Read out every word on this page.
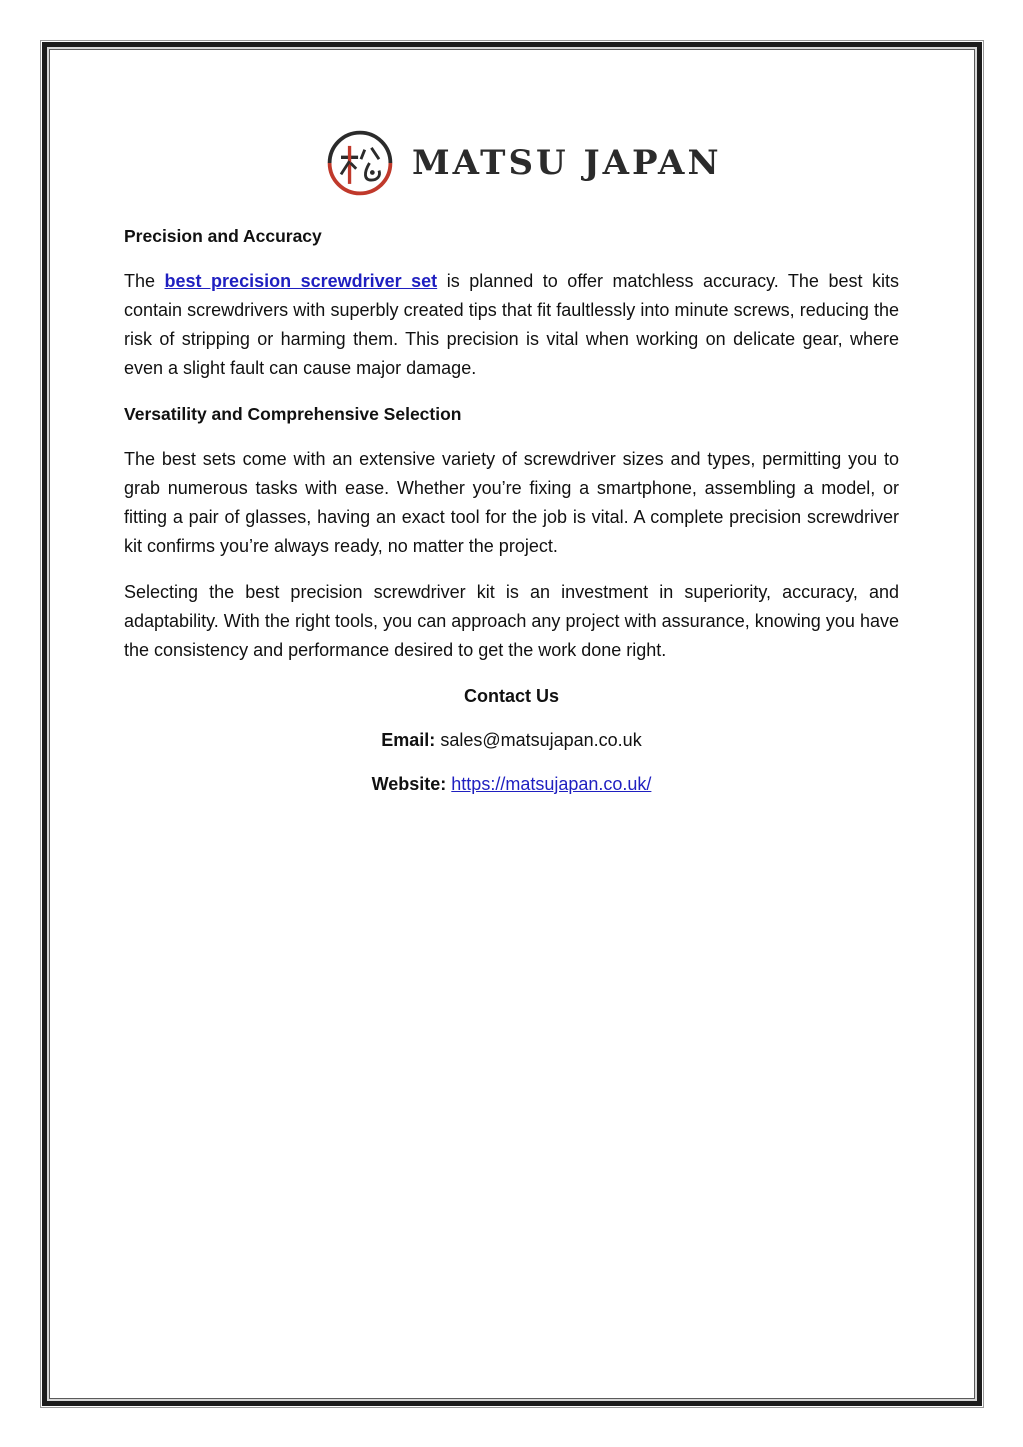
MATSU JAPAN
Precision and Accuracy

The best precision screwdriver set is planned to offer matchless accuracy. The best kits contain screwdrivers with superbly created tips that fit faultlessly into minute screws, reducing the risk of stripping or harming them. This precision is vital when working on delicate gear, where even a slight fault can cause major damage.

Versatility and Comprehensive Selection

The best sets come with an extensive variety of screwdriver sizes and types, permitting you to grab numerous tasks with ease. Whether you’re fixing a smartphone, assembling a model, or fitting a pair of glasses, having an exact tool for the job is vital. A complete precision screwdriver kit confirms you’re always ready, no matter the project.

Selecting the best precision screwdriver kit is an investment in superiority, accuracy, and adaptability. With the right tools, you can approach any project with assurance, knowing you have the consistency and performance desired to get the work done right.

Contact Us
Email: sales@matsujapan.co.uk
Website: https://matsujapan.co.uk/
